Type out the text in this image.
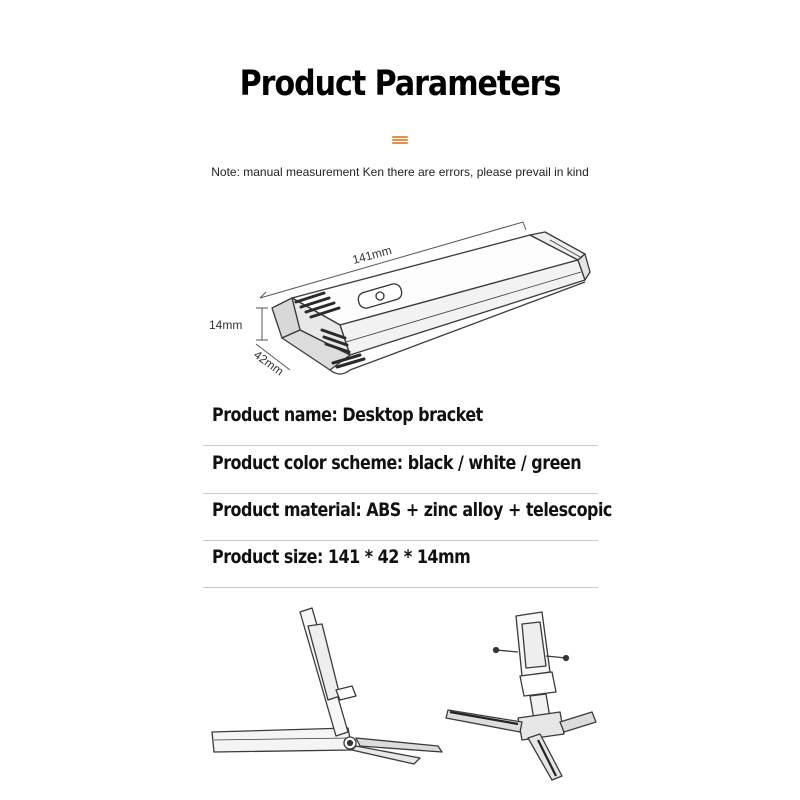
Product Parameters
Note: manual measurement Ken there are errors, please prevail in kind
141mm
14mm
42mm
Product name: Desktop bracket
Product color scheme: black / white / green
Product material: ABS + zinc alloy + telescopic
Product size: 141 * 42 * 14mm
